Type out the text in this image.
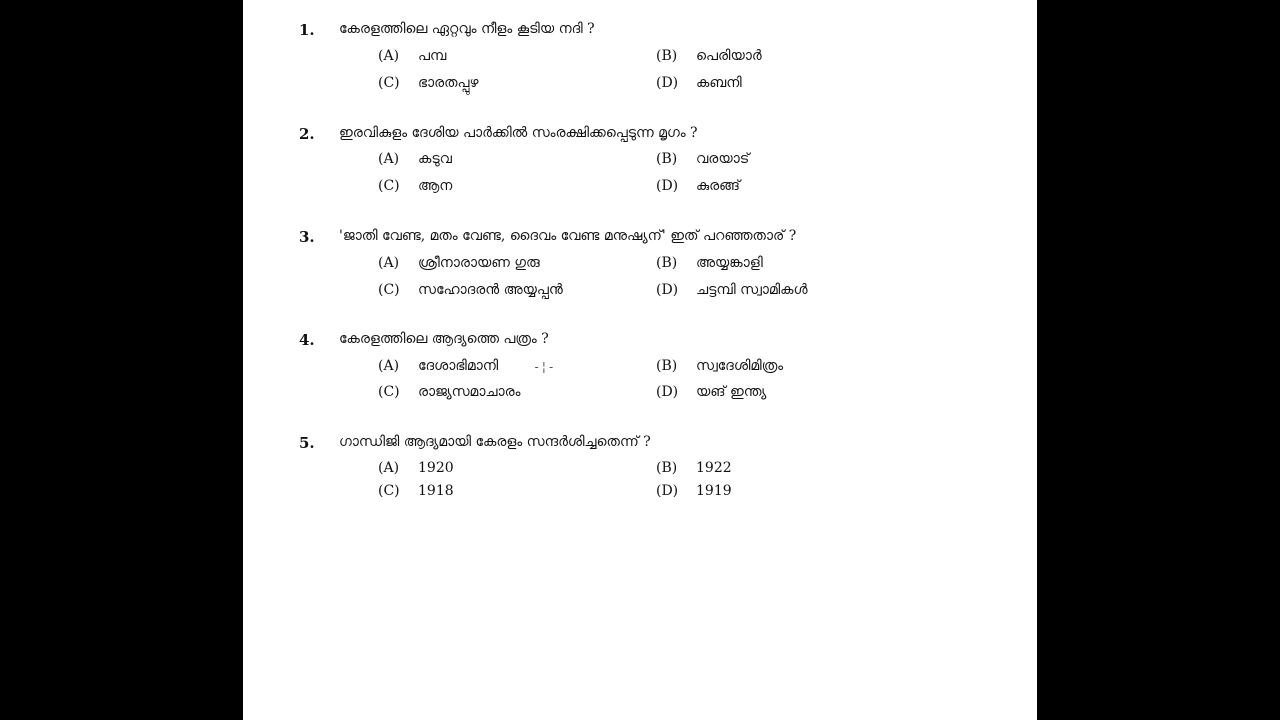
1. കേരളത്തിലെ ഏറ്റവും നീളം കൂടിയ നദി ?
(A) പമ്പ	(B) പെരിയാർ
(C) ഭാരതപ്പുഴ	(D) കബനി
2. ഇരവികുളം ദേശിയ പാർക്കിൽ സംരക്ഷിക്കപ്പെടുന്ന മൃഗം ?
(A) കടുവ	(B) വരയാട്
(C) ആന	(D) കുരങ്ങ്
3. 'ജാതി വേണ്ട, മതം വേണ്ട, ദൈവം വേണ്ട മനുഷ്യന്' ഇത് പറഞ്ഞതാര് ?
(A) ശ്രീനാരായണ ഗുരു	(B) അയ്യങ്കാളി
(C) സഹോദരൻ അയ്യപ്പൻ	(D) ചട്ടമ്പി സ്വാമികൾ
4. കേരളത്തിലെ ആദ്യത്തെ പത്രം ?
(A) ദേശാഭിമാനി	(B) സ്വദേശിമിത്രം
(C) രാജ്യസമാചാരം	(D) യങ് ഇന്ത്യ
-¦-
5. ഗാന്ധിജി ആദ്യമായി കേരളം സന്ദർശിച്ചതെന്ന് ?
(A) 1920	(B) 1922
(C) 1918	(D) 1919
